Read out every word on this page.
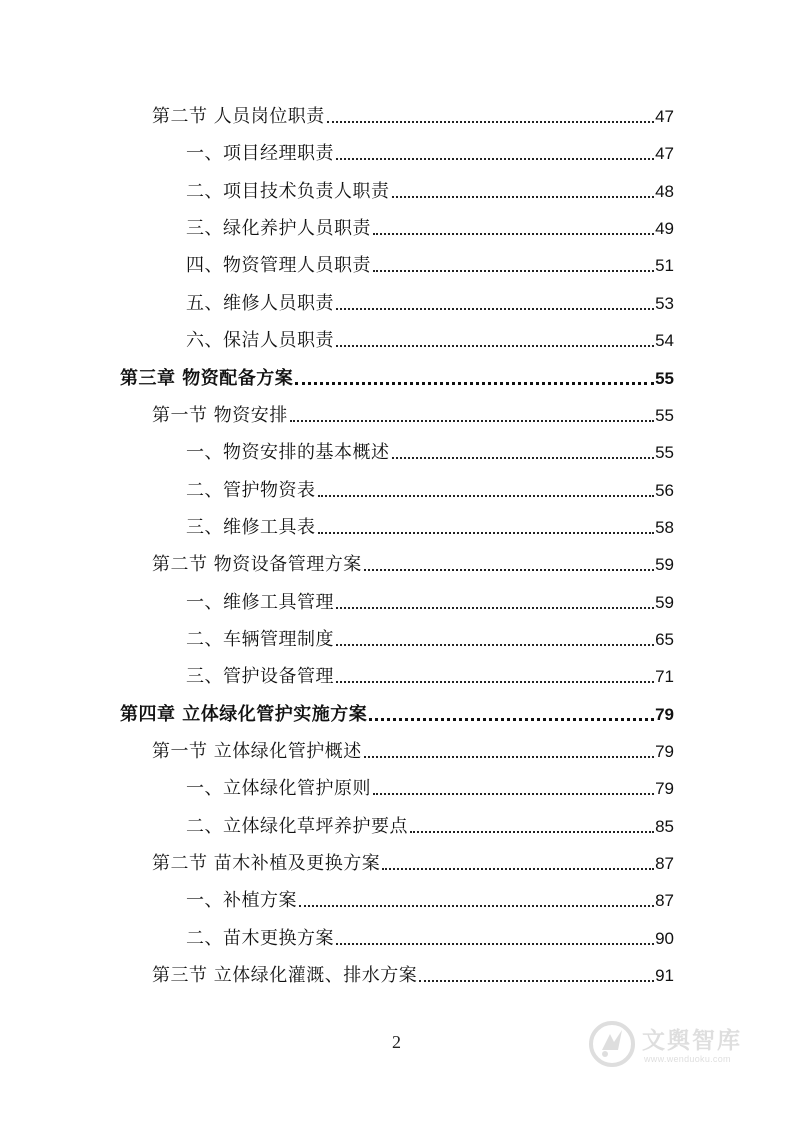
第二节 人员岗位职责	47
一、项目经理职责	47
二、项目技术负责人职责	48
三、绿化养护人员职责	49
四、物资管理人员职责	51
五、维修人员职责	53
六、保洁人员职责	54
第三章 物资配备方案	55
第一节 物资安排	55
一、物资安排的基本概述	55
二、管护物资表	56
三、维修工具表	58
第二节 物资设备管理方案	59
一、维修工具管理	59
二、车辆管理制度	65
三、管护设备管理	71
第四章 立体绿化管护实施方案	79
第一节 立体绿化管护概述	79
一、立体绿化管护原则	79
二、立体绿化草坪养护要点	85
第二节 苗木补植及更换方案	87
一、补植方案	87
二、苗木更换方案	90
第三节 立体绿化灌溉、排水方案	91
2	文舆智库
www.wenduoku.com
